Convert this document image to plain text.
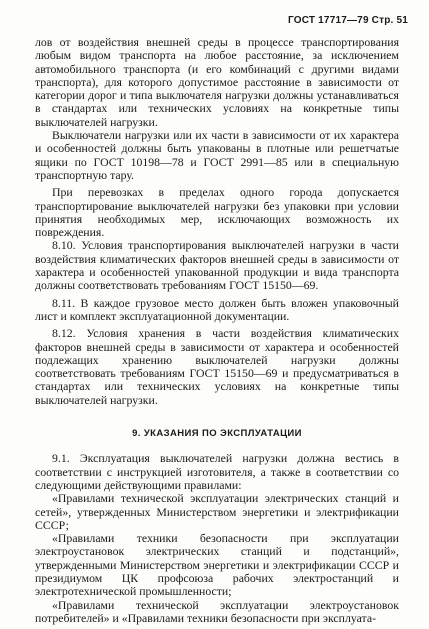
ГОСТ 17717—79 Стр. 51

лов от воздействия внешней среды в процессе транспортирования любым видом транспорта на любое расстояние, за исключением автомобильного транспорта (и его комбинаций с другими видами транспорта), для которого допустимое расстояние в зависимости от категории дорог и типа выключателя нагрузки должны устанавливаться в стандартах или технических условиях на конкретные типы выключателей нагрузки.

Выключатели нагрузки или их части в зависимости от их характера и особенностей должны быть упакованы в плотные или решетчатые ящики по ГОСТ 10198—78 и ГОСТ 2991—85 или в специальную транспортную тару.

При перевозках в пределах одного города допускается транспортирование выключателей нагрузки без упаковки при условии принятия необходимых мер, исключающих возможность их повреждения.

8.10. Условия транспортирования выключателей нагрузки в части воздействия климатических факторов внешней среды в зависимости от характера и особенностей упакованной продукции и вида транспорта должны соответствовать требованиям ГОСТ 15150—69.

8.11. В каждое грузовое место должен быть вложен упаковочный лист и комплект эксплуатационной документации.

8.12. Условия хранения в части воздействия климатических факторов внешней среды в зависимости от характера и особенностей подлежащих хранению выключателей нагрузки должны соответствовать требованиям ГОСТ 15150—69 и предусматриваться в стандартах или технических условиях на конкретные типы выключателей нагрузки.

9. УКАЗАНИЯ ПО ЭКСПЛУАТАЦИИ

9.1. Эксплуатация выключателей нагрузки должна вестись в соответствии с инструкцией изготовителя, а также в соответствии со следующими действующими правилами:

«Правилами технической эксплуатации электрических станций и сетей», утвержденных Министерством энергетики и электрификации СССР;

«Правилами техники безопасности при эксплуатации электроустановок электрических станций и подстанций», утвержденными Министерством энергетики и электрификации СССР и президиумом ЦК профсоюза рабочих электростанций и электротехнической промышленности;

«Правилами технической эксплуатации электроустановок потребителей» и «Правилами техники безопасности при эксплуата-
